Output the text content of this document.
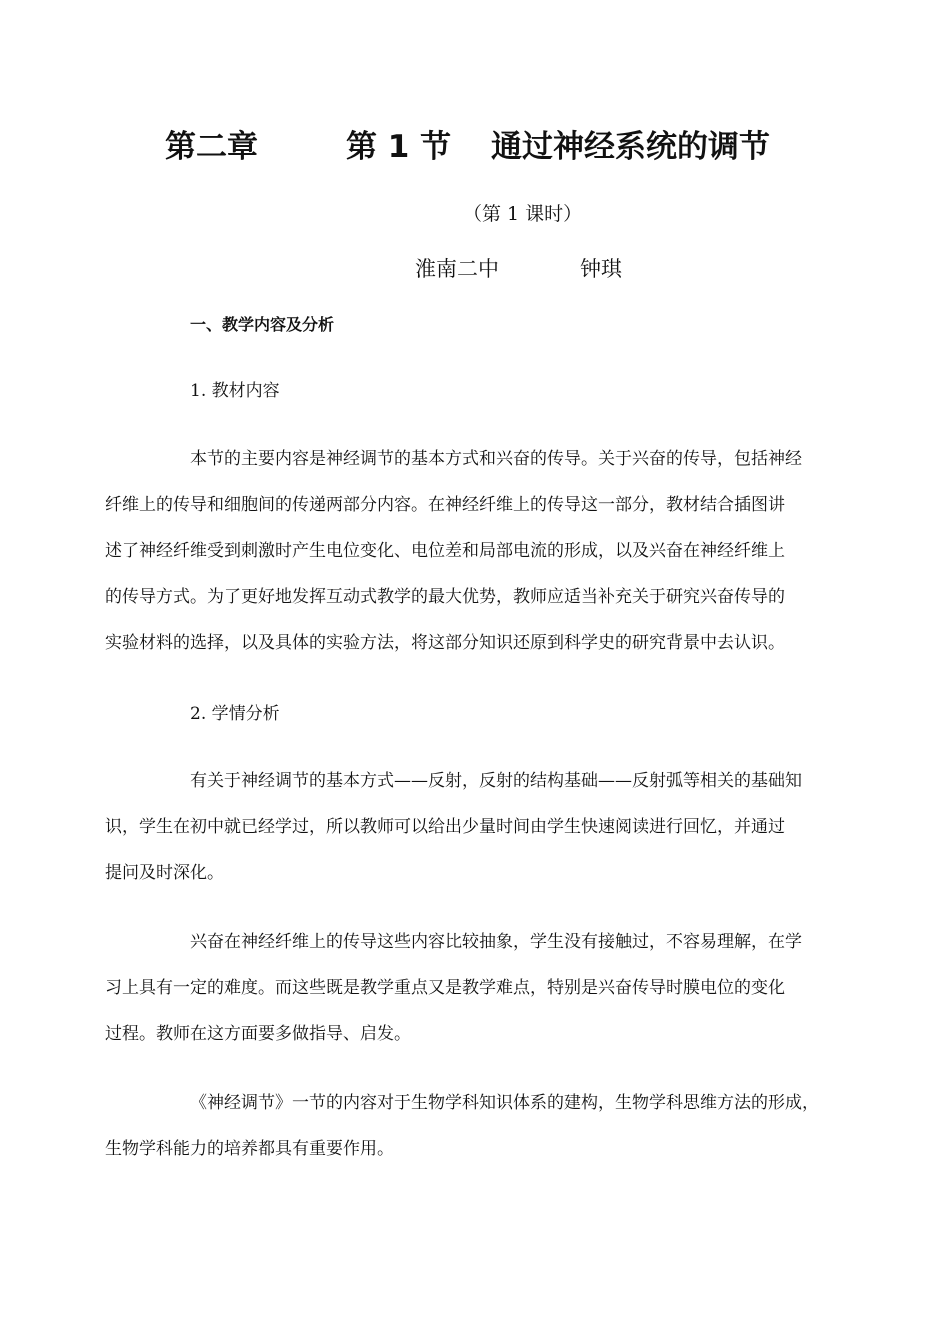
第二章	第 1 节 通过神经系统的调节
（第 1 课时）
淮南二中	钟琪
一、教学内容及分析
1. 教材内容
本节的主要内容是神经调节的基本方式和兴奋的传导。关于兴奋的传导，包括神经
纤维上的传导和细胞间的传递两部分内容。在神经纤维上的传导这一部分，教材结合插图讲
述了神经纤维受到刺激时产生电位变化、电位差和局部电流的形成，以及兴奋在神经纤维上
的传导方式。为了更好地发挥互动式教学的最大优势，教师应适当补充关于研究兴奋传导的
实验材料的选择，以及具体的实验方法，将这部分知识还原到科学史的研究背景中去认识。
2. 学情分析
有关于神经调节的基本方式——反射，反射的结构基础——反射弧等相关的基础知
识，学生在初中就已经学过，所以教师可以给出少量时间由学生快速阅读进行回忆，并通过
提问及时深化。
兴奋在神经纤维上的传导这些内容比较抽象，学生没有接触过，不容易理解，在学
习上具有一定的难度。而这些既是教学重点又是教学难点，特别是兴奋传导时膜电位的变化
过程。教师在这方面要多做指导、启发。
《神经调节》一节的内容对于生物学科知识体系的建构，生物学科思维方法的形成，
生物学科能力的培养都具有重要作用。
